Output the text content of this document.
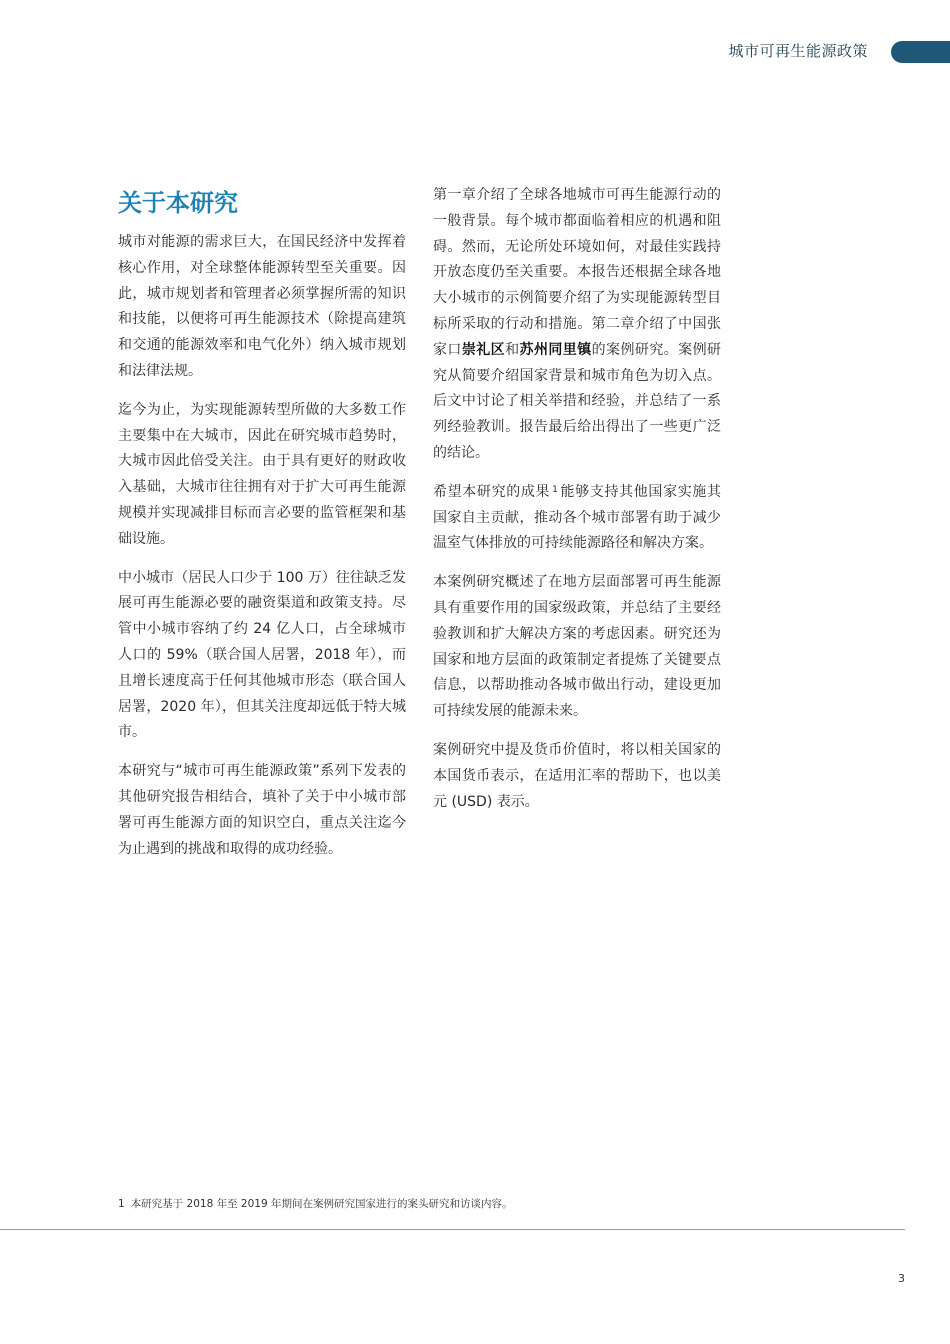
城市可再生能源政策
关于本研究

城市对能源的需求巨大，在国民经济中发挥着核心作用，对全球整体能源转型至关重要。因此，城市规划者和管理者必须掌握所需的知识和技能，以便将可再生能源技术（除提高建筑和交通的能源效率和电气化外）纳入城市规划和法律法规。

迄今为止，为实现能源转型所做的大多数工作主要集中在大城市，因此在研究城市趋势时，大城市因此倍受关注。由于具有更好的财政收入基础，大城市往往拥有对于扩大可再生能源规模并实现减排目标而言必要的监管框架和基础设施。

中小城市（居民人口少于 100 万）往往缺乏发展可再生能源必要的融资渠道和政策支持。尽管中小城市容纳了约 24 亿人口，占全球城市人口的 59%（联合国人居署，2018 年），而且增长速度高于任何其他城市形态（联合国人居署，2020 年），但其关注度却远低于特大城市。

本研究与“城市可再生能源政策”系列下发表的其他研究报告相结合，填补了关于中小城市部署可再生能源方面的知识空白，重点关注迄今为止遇到的挑战和取得的成功经验。

第一章介绍了全球各地城市可再生能源行动的一般背景。每个城市都面临着相应的机遇和阻碍。然而，无论所处环境如何，对最佳实践持开放态度仍至关重要。本报告还根据全球各地大小城市的示例简要介绍了为实现能源转型目标所采取的行动和措施。第二章介绍了中国张家口崇礼区和苏州同里镇的案例研究。案例研究从简要介绍国家背景和城市角色为切入点。后文中讨论了相关举措和经验，并总结了一系列经验教训。报告最后给出得出了一些更广泛的结论。

希望本研究的成果 $^1$ 能够支持其他国家实施其国家自主贡献，推动各个城市部署有助于减少温室气体排放的可持续能源路径和解决方案。

本案例研究概述了在地方层面部署可再生能源具有重要作用的国家级政策，并总结了主要经验教训和扩大解决方案的考虑因素。研究还为国家和地方层面的政策制定者提炼了关键要点信息，以帮助推动各城市做出行动，建设更加可持续发展的能源未来。

案例研究中提及货币价值时，将以相关国家的本国货币表示，在适用汇率的帮助下，也以美元 (USD) 表示。

1 本研究基于 2018 年至 2019 年期间在案例研究国家进行的案头研究和访谈内容。
3
